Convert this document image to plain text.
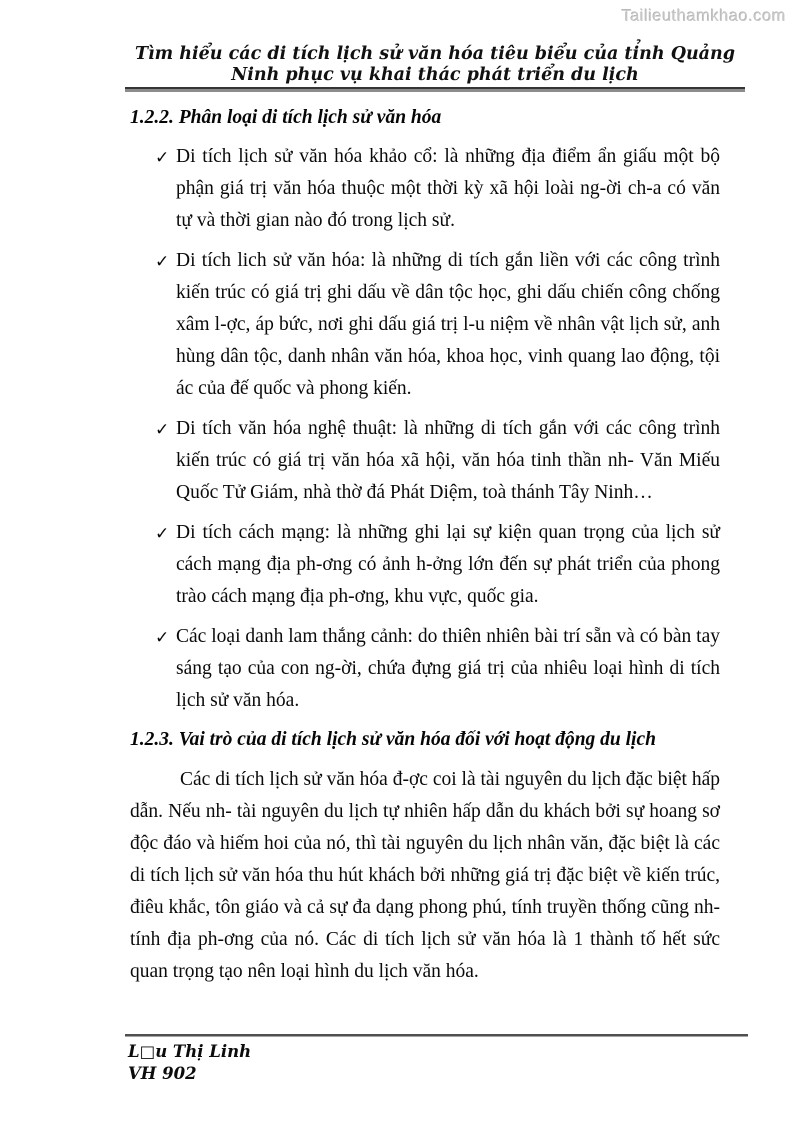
Tailieuthamkhao.com
Tìm hiểu các di tích lịch sử văn hóa tiêu biểu của tỉnh Quảng Ninh phục vụ khai thác phát triển du lịch
1.2.2. Phân loại di tích lịch sử văn hóa
✓ Di tích lịch sử văn hóa khảo cổ: là những địa điểm ẩn giấu một bộ phận giá trị văn hóa thuộc một thời kỳ xã hội loài ng-ời ch-a có văn tự và thời gian nào đó trong lịch sử.
✓ Di tích lich sử văn hóa: là những di tích gắn liền với các công trình kiến trúc có giá trị ghi dấu về dân tộc học, ghi dấu chiến công chống xâm l-ợc, áp bức, nơi ghi dấu giá trị l-u niệm về nhân vật lịch sử, anh hùng dân tộc, danh nhân văn hóa, khoa học, vinh quang lao động, tội ác của đế quốc và phong kiến.
✓ Di tích văn hóa nghệ thuật: là những di tích gắn với các công trình kiến trúc có giá trị văn hóa xã hội, văn hóa tinh thần nh- Văn Miếu Quốc Tử Giám, nhà thờ đá Phát Diệm, toà thánh Tây Ninh…
✓ Di tích cách mạng: là những ghi lại sự kiện quan trọng của lịch sử cách mạng địa ph-ơng có ảnh h-ởng lớn đến sự phát triển của phong trào cách mạng địa ph-ơng, khu vực, quốc gia.
✓ Các loại danh lam thắng cảnh: do thiên nhiên bài trí sẵn và có bàn tay sáng tạo của con ng-ời, chứa đựng giá trị của nhiêu loại hình di tích lịch sử văn hóa.
1.2.3. Vai trò của di tích lịch sử văn hóa đối với hoạt động du lịch

Các di tích lịch sử văn hóa đ-ợc coi là tài nguyên du lịch đặc biệt hấp dẫn. Nếu nh- tài nguyên du lịch tự nhiên hấp dẫn du khách bởi sự hoang sơ độc đáo và hiếm hoi của nó, thì tài nguyên du lịch nhân văn, đặc biệt là các di tích lịch sử văn hóa thu hút khách bởi những giá trị đặc biệt về kiến trúc, điêu khắc, tôn giáo và cả sự đa dạng phong phú, tính truyền thống cũng nh- tính địa ph-ơng của nó. Các di tích lịch sử văn hóa là 1 thành tố hết sức quan trọng tạo nên loại hình du lịch văn hóa.

L□u Thị Linh
VH 902
